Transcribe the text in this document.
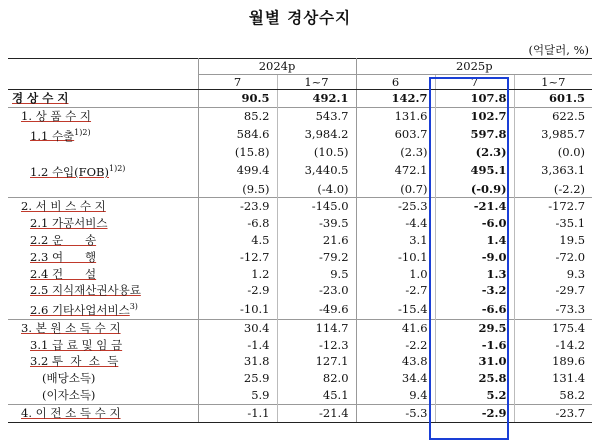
월별 경상수지
(억달러, %)
	2024p		2025p		
	7	1~7	6	7	1~7
경 상 수 지	90.5	492.1	142.7	107.8	601.5
1. 상 품 수 지	85.2	543.7	131.6	102.7	622.5
1.1 수출$^{1)2)}$	584.6	3,984.2	603.7	597.8	3,985.7
	(15.8)	(10.5)	(2.3)	(2.3)	(0.0)
1.2 수입(FOB)$^{1)2)}$	499.4	3,440.5	472.1	495.1	3,363.1
	(9.5)	(-4.0)	(0.7)	(-0.9)	(-2.2)
2. 서 비 스 수 지	-23.9	-145.0	-25.3	-21.4	-172.7
2.1 가공서비스	-6.8	-39.5	-4.4	-6.0	-35.1
2.2 운      송	4.5	21.6	3.1	1.4	19.5
2.3 여      행	-12.7	-79.2	-10.1	-9.0	-72.0
2.4 건      설	1.2	9.5	1.0	1.3	9.3
2.5 지식재산권사용료	-2.9	-23.0	-2.7	-3.2	-29.7
2.6 기타사업서비스$^{3)}$	-10.1	-49.6	-15.4	-6.6	-73.3
3. 본 원 소 득 수 지	30.4	114.7	41.6	29.5	175.4
3.1 급 료 및 임 금	-1.4	-12.3	-2.2	-1.6	-14.2
3.2 투  자  소  득	31.8	127.1	43.8	31.0	189.6
(배당소득)	25.9	82.0	34.4	25.8	131.4
(이자소득)	5.9	45.1	9.4	5.2	58.2
4. 이 전 소 득 수 지	-1.1	-21.4	-5.3	-2.9	-23.7
